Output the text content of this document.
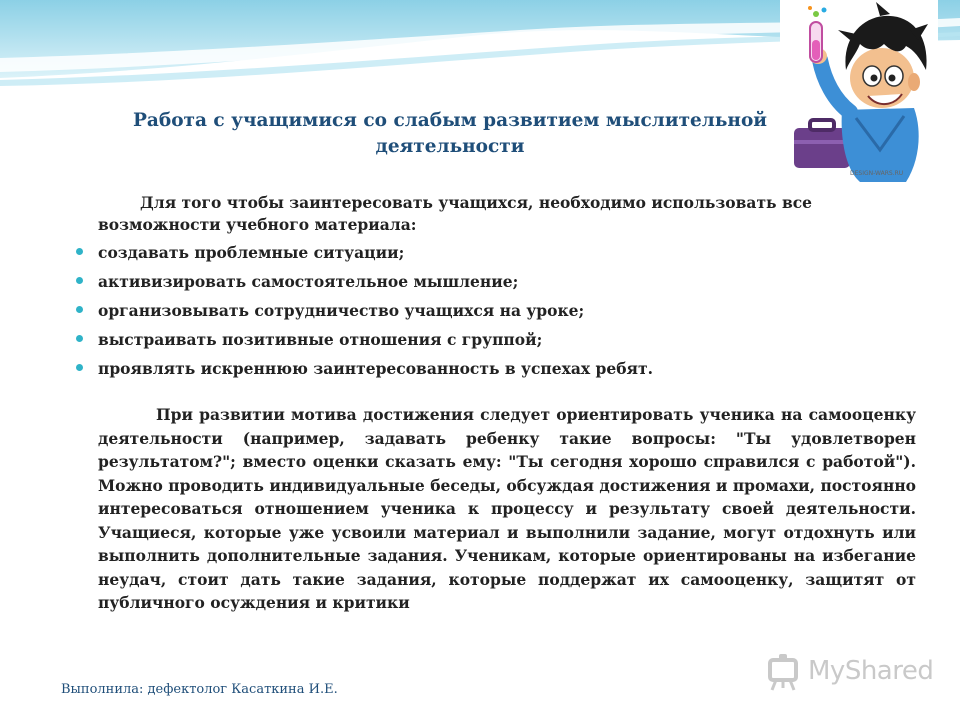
Работа с учащимися со слабым развитием мыслительной
деятельности
DESIGN-WARS.RU

Для того чтобы заинтересовать учащихся, необходимо использовать все возможности учебного материала:

создавать проблемные ситуации;
активизировать самостоятельное мышление;
организовывать сотрудничество учащихся на уроке;
выстраивать позитивные отношения с группой;
проявлять искреннюю заинтересованность в успехах ребят.

При развитии мотива достижения следует ориентировать ученика на самооценку деятельности (например, задавать ребенку такие вопросы: "Ты удовлетворен результатом?"; вместо оценки сказать ему: "Ты сегодня хорошо справился с работой"). Можно проводить индивидуальные беседы, обсуждая достижения и промахи, постоянно интересоваться отношением ученика к процессу и результату своей деятельности. Учащиеся, которые уже усвоили материал и выполнили задание, могут отдохнуть или выполнить дополнительные задания. Ученикам, которые ориентированы на избегание неудач, стоит дать такие задания, которые поддержат их самооценку, защитят от публичного осуждения и критики

Выполнила: дефектолог Касаткина И.Е.
MyShared
